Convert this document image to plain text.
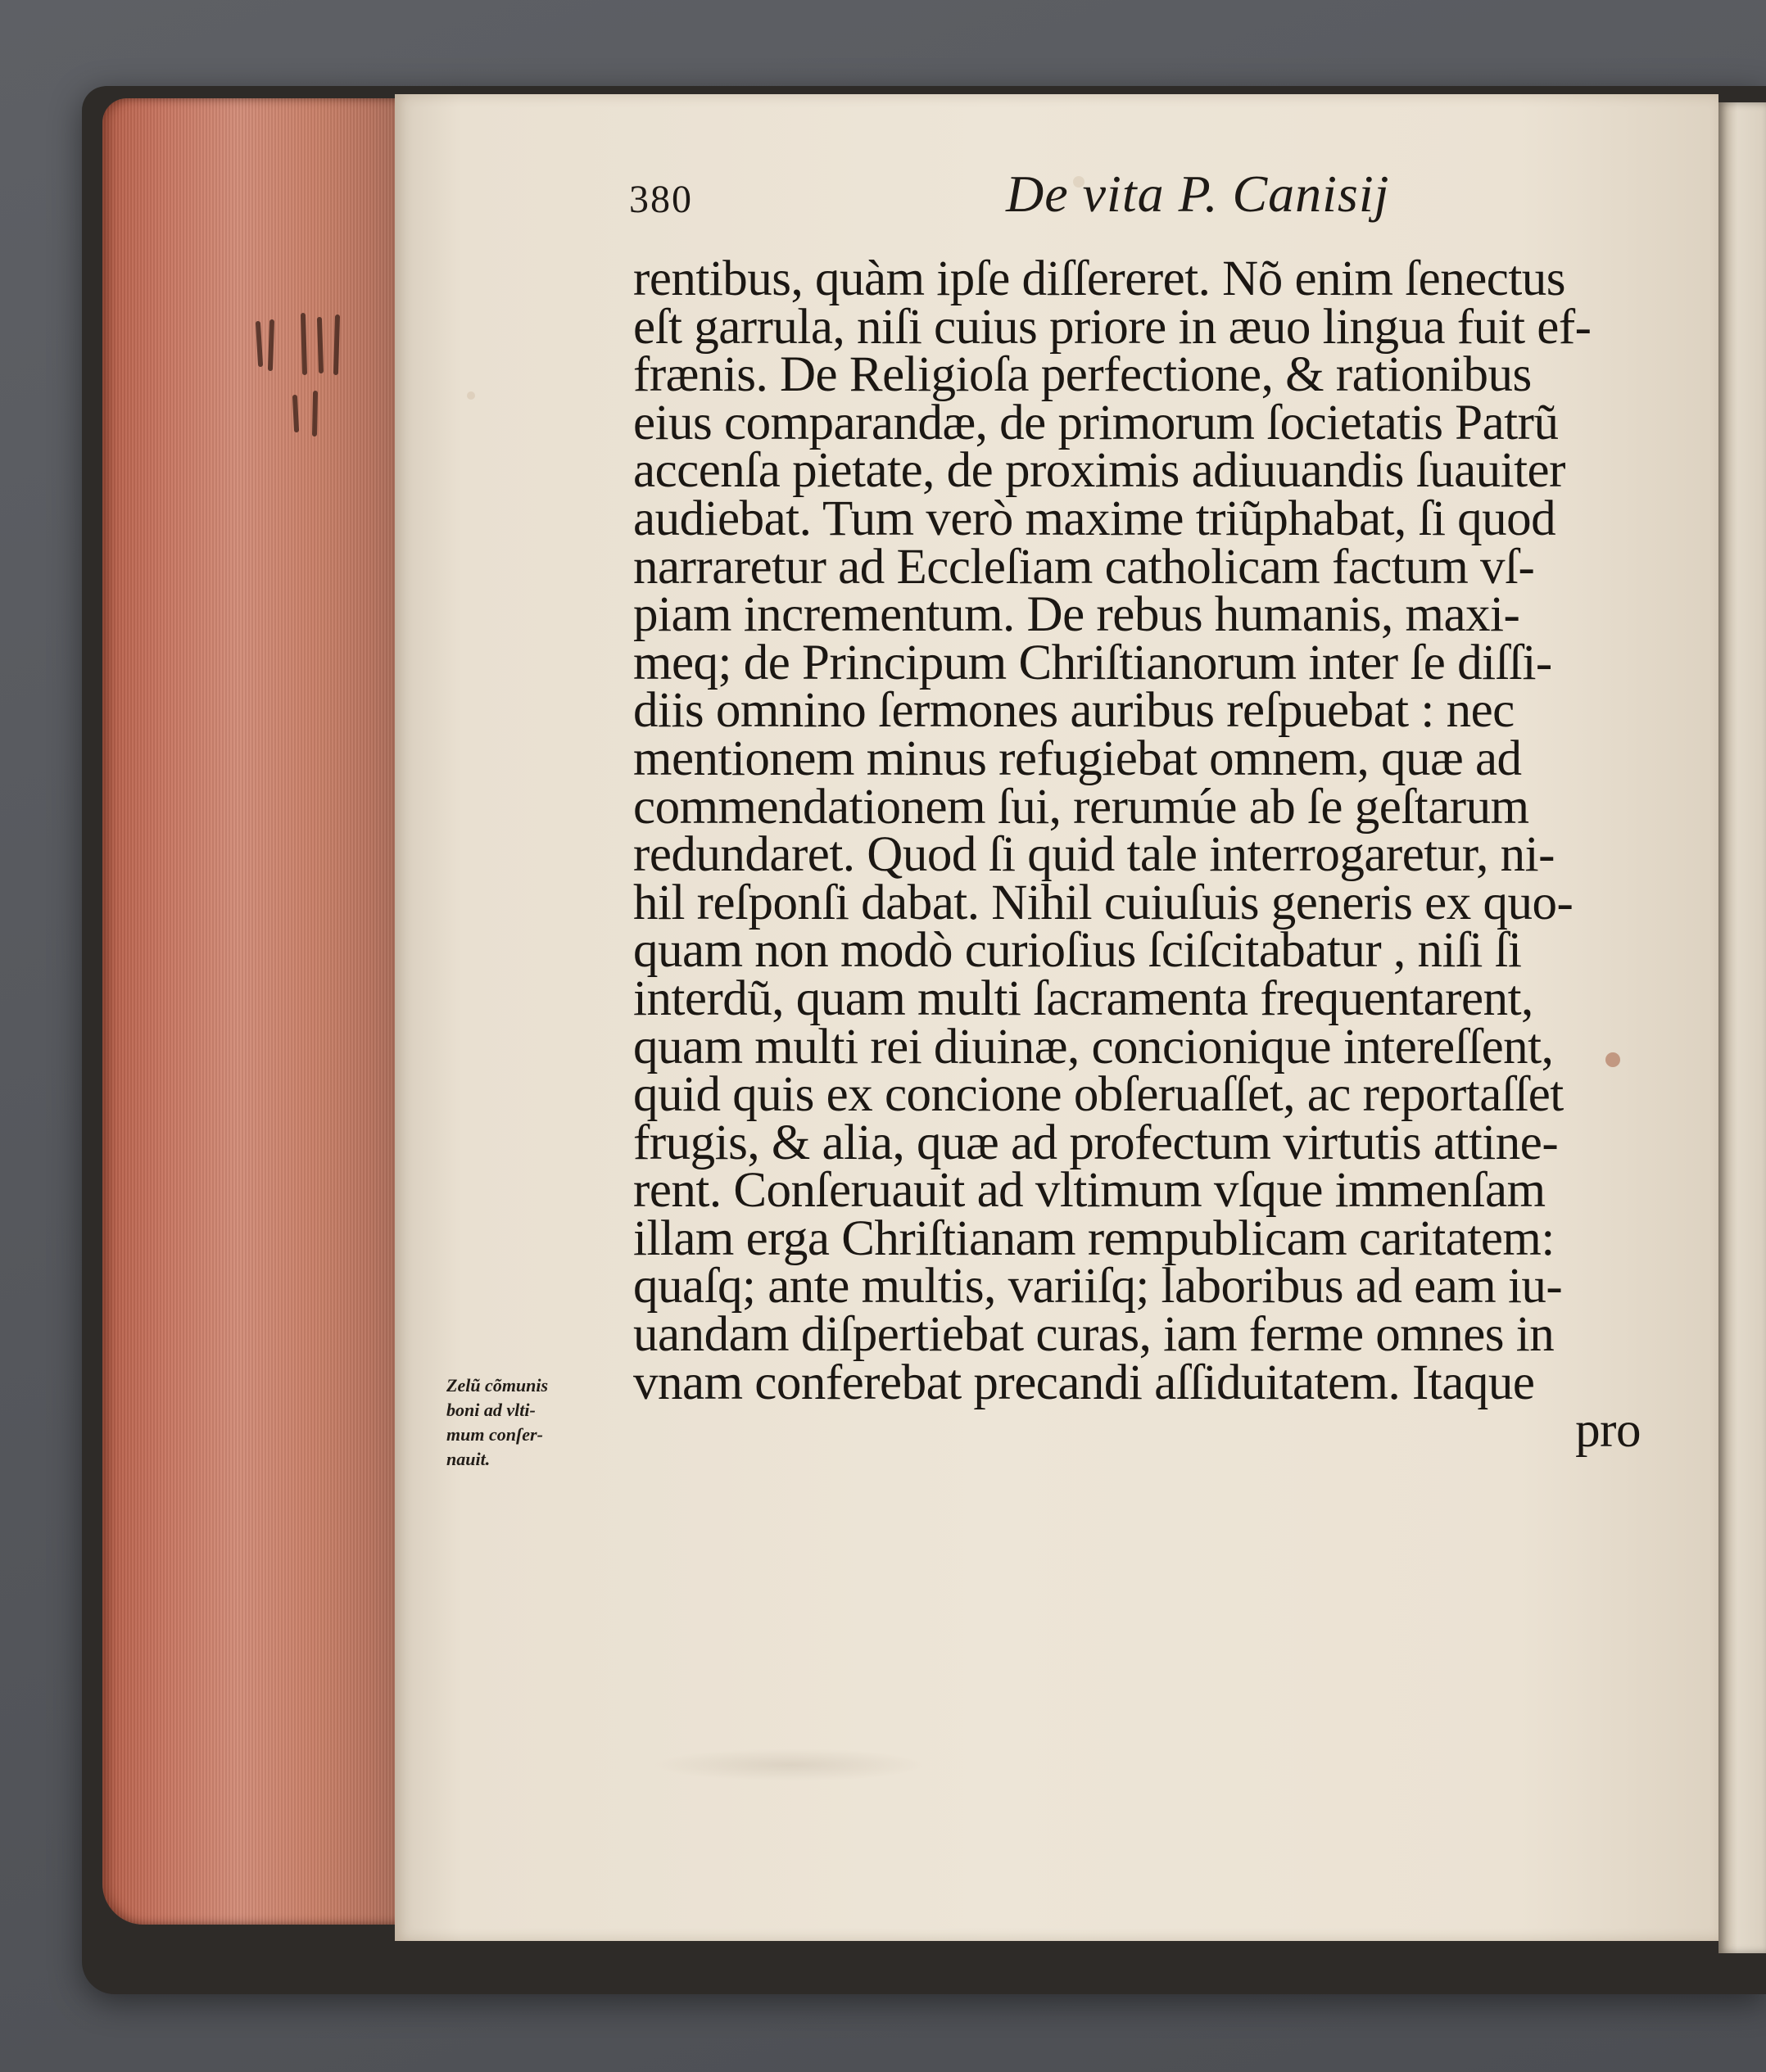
380	De vita P. Canisij
rentibus, quàm ipſe diſſereret. Nõ enim ſenectus
eſt garrula, niſi cuius priore in æuo lingua fuit ef-
frænis. De Religioſa perfectione, & rationibus
eius comparandæ, de primorum ſocietatis Patrũ
accenſa pietate, de proximis adiuuandis ſuauiter
audiebat. Tum verò maxime triũphabat, ſi quod
narraretur ad Eccleſiam catholicam factum vſ-
piam incrementum. De rebus humanis, maxi-
meq; de Principum Chriſtianorum inter ſe diſſi-
diis omnino ſermones auribus reſpuebat : nec
mentionem minus refugiebat omnem, quæ ad
commendationem ſui, rerumúe ab ſe geſtarum
redundaret. Quod ſi quid tale interrogaretur, ni-
hil reſponſi dabat. Nihil cuiuſuis generis ex quo-
quam non modò curioſius ſciſcitabatur , niſi ſi
interdũ, quam multi ſacramenta frequentarent,
quam multi rei diuinæ, concionique intereſſent,
quid quis ex concione obſeruaſſet, ac reportaſſet
frugis, & alia, quæ ad profectum virtutis attine-
rent. Conſeruauit ad vltimum vſque immenſam
illam erga Chriſtianam rempublicam caritatem:
quaſq; ante multis, variiſq; laboribus ad eam iu-
uandam diſpertiebat curas, iam ferme omnes in
vnam conferebat precandi aſſiduitatem. Itaque
pro
Zelũ cõmunis
boni ad vlti-
mum conſer-
nauit.
